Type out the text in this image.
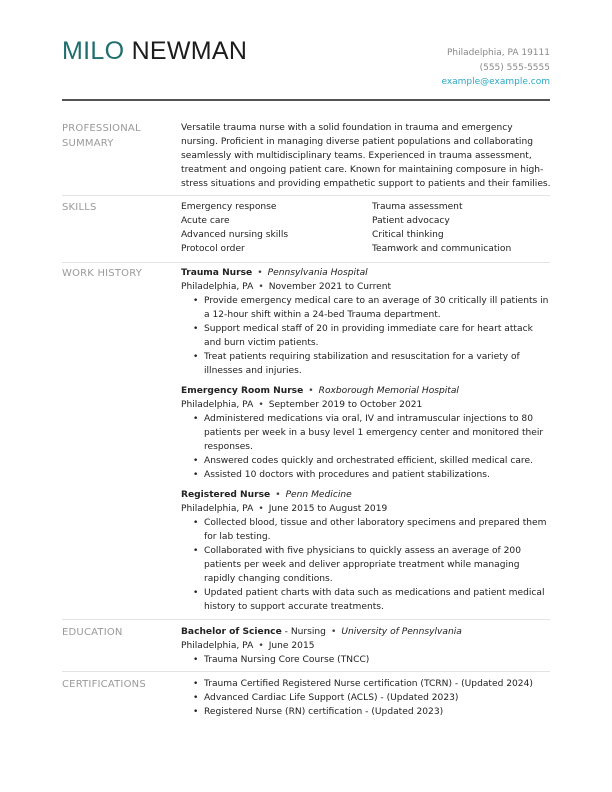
MILO NEWMAN	Philadelphia, PA 19111
(555) 555-5555
example@example.com
PROFESSIONAL SUMMARY
Versatile trauma nurse with a solid foundation in trauma and emergency nursing. Proficient in managing diverse patient populations and collaborating seamlessly with multidisciplinary teams. Experienced in trauma assessment, treatment and ongoing patient care. Known for maintaining composure in high-stress situations and providing empathetic support to patients and their families.
SKILLS	Emergency response	Trauma assessment
Acute care	Patient advocacy
Advanced nursing skills	Critical thinking
Protocol order	Teamwork and communication
WORK HISTORY	Trauma Nurse • Pennsylvania Hospital
Philadelphia, PA • November 2021 to Current
• Provide emergency medical care to an average of 30 critically ill patients in a 12-hour shift within a 24-bed Trauma department.
• Support medical staff of 20 in providing immediate care for heart attack and burn victim patients.
• Treat patients requiring stabilization and resuscitation for a variety of illnesses and injuries.
Emergency Room Nurse • Roxborough Memorial Hospital
Philadelphia, PA • September 2019 to October 2021
• Administered medications via oral, IV and intramuscular injections to 80 patients per week in a busy level 1 emergency center and monitored their responses.
• Answered codes quickly and orchestrated efficient, skilled medical care.
• Assisted 10 doctors with procedures and patient stabilizations.
Registered Nurse • Penn Medicine
Philadelphia, PA • June 2015 to August 2019
• Collected blood, tissue and other laboratory specimens and prepared them for lab testing.
• Collaborated with five physicians to quickly assess an average of 200 patients per week and deliver appropriate treatment while managing rapidly changing conditions.
• Updated patient charts with data such as medications and patient medical history to support accurate treatments.
EDUCATION	Bachelor of Science - Nursing • University of Pennsylvania
Philadelphia, PA • June 2015
• Trauma Nursing Core Course (TNCC)
CERTIFICATIONS
•	Trauma Certified Registered Nurse certification (TCRN) - (Updated 2024)
• Advanced Cardiac Life Support (ACLS) - (Updated 2023)
• Registered Nurse (RN) certification - (Updated 2023)
